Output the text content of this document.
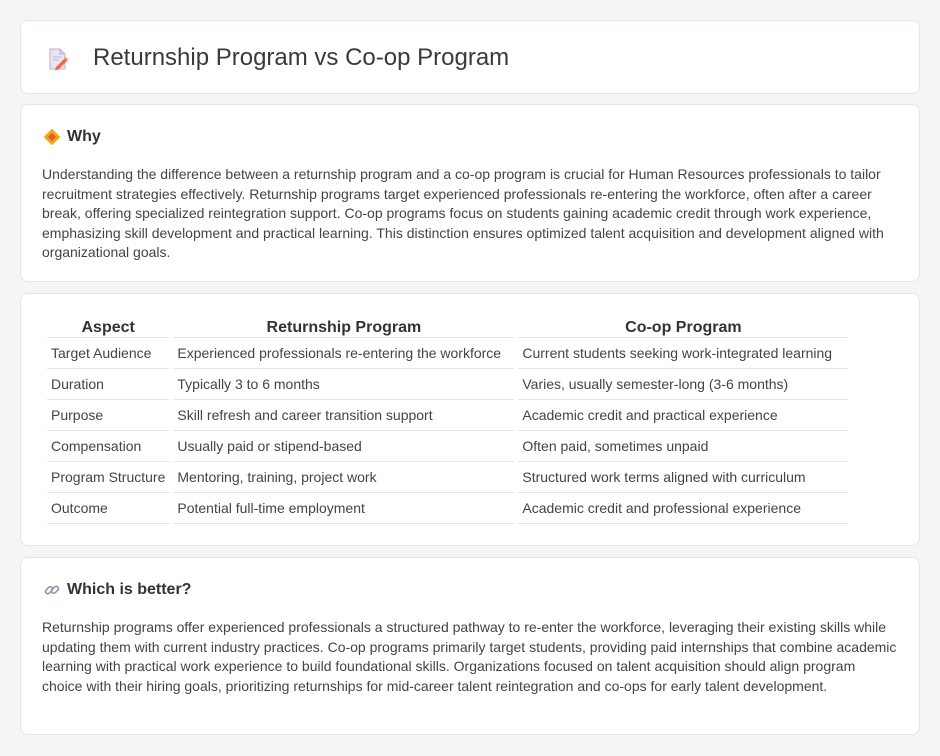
Returnship Program vs Co-op Program
Why

Understanding the difference between a returnship program and a co-op program is crucial for Human Resources professionals to tailor recruitment strategies effectively. Returnship programs target experienced professionals re-entering the workforce, often after a career break, offering specialized reintegration support. Co-op programs focus on students gaining academic credit through work experience, emphasizing skill development and practical learning. This distinction ensures optimized talent acquisition and development aligned with organizational goals.

Aspect	Returnship Program	Co-op Program
Target Audience	Experienced professionals re-entering the workforce	Current students seeking work-integrated learning
Duration	Typically 3 to 6 months	Varies, usually semester-long (3-6 months)
Purpose	Skill refresh and career transition support	Academic credit and practical experience
Compensation	Usually paid or stipend-based	Often paid, sometimes unpaid
Program Structure	Mentoring, training, project work	Structured work terms aligned with curriculum
Outcome	Potential full-time employment	Academic credit and professional experience
Which is better?

Returnship programs offer experienced professionals a structured pathway to re-enter the workforce, leveraging their existing skills while updating them with current industry practices. Co-op programs primarily target students, providing paid internships that combine academic learning with practical work experience to build foundational skills. Organizations focused on talent acquisition should align program choice with their hiring goals, prioritizing returnships for mid-career talent reintegration and co-ops for early talent development.
